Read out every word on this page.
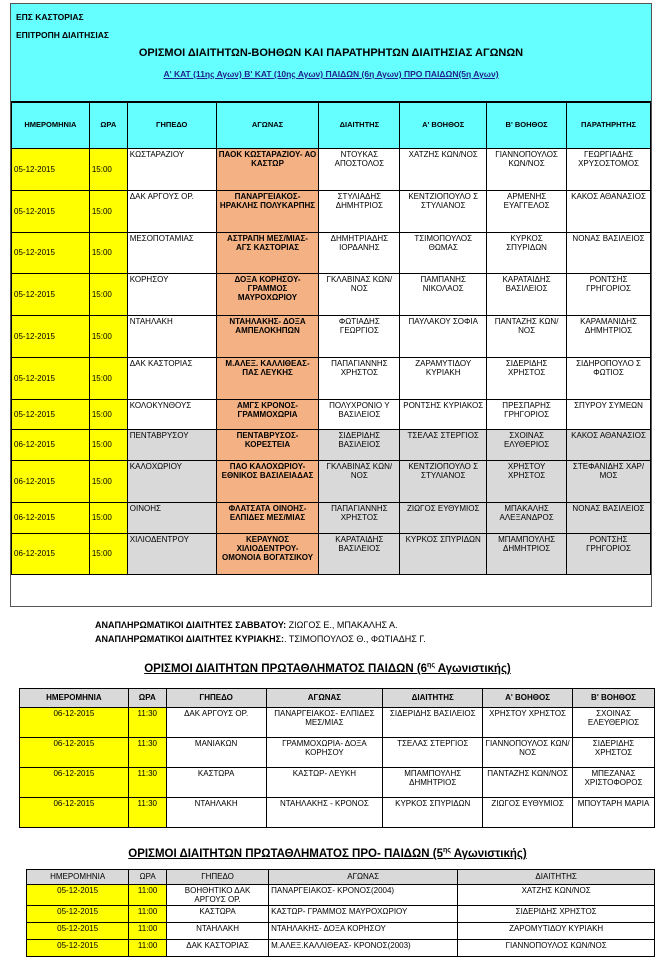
ΕΠΣ ΚΑΣΤΟΡΙΑΣ
ΕΠΙΤΡΟΠΗ ΔΙΑΙΤΗΣΙΑΣ
ΟΡΙΣΜΟΙ ΔΙΑΙΤΗΤΩΝ-ΒΟΗΘΩΝ ΚΑΙ ΠΑΡΑΤΗΡΗΤΩΝ ΔΙΑΙΤΗΣΙΑΣ ΑΓΩΝΩΝ
Α' ΚΑΤ (11ης Αγων) Β' ΚΑΤ (10ης Αγων) ΠΑΙΔΩΝ (6η Αγων) ΠΡΟ ΠΑΙΔΩΝ(5η Αγων)
ΗΜΕΡΟΜΗΝΙΑ	ΩΡΑ	ΓΗΠΕΔΟ	ΑΓΩΝΑΣ	ΔΙΑΙΤΗΤΗΣ	Α' ΒΟΗΘΟΣ	Β' ΒΟΗΘΟΣ	ΠΑΡΑΤΗΡΗΤΗΣ
05-12-2015	15:00	ΚΩΣΤΑΡΑΖΙΟΥ	ΠΑΟΚ ΚΩΣΤΑΡΑΖΙΟΥ- ΑΟ ΚΑΣΤΩΡ	ΝΤΟΥΚΑΣ ΑΠΟΣΤΟΛΟΣ	ΧΑΤΖΗΣ ΚΩΝ/ΝΟΣ	ΓΙΑΝΝΟΠΟΥΛΟΣ ΚΩΝ/ΝΟΣ	ΓΕΩΡΓΙΑΔΗΣ ΧΡΥΣΟΣΤΟΜΟΣ
05-12-2015	15:00	ΔΑΚ ΑΡΓΟΥΣ ΟΡ.	ΠΑΝΑΡΓΕΙΑΚΟΣ- ΗΡΑΚΛΗΣ ΠΟΛΥΚΑΡΠΗΣ	ΣΤΥΛΙΑΔΗΣ ΔΗΜΗΤΡΙΟΣ	ΚΕΝΤΖΙΟΠΟΥΛΟ Σ ΣΤΥΛΙΑΝΟΣ	ΑΡΜΕΝΗΣ ΕΥΑΓΓΕΛΟΣ	ΚΑΚΟΣ ΑΘΑΝΑΣΙΟΣ
05-12-2015	15:00	ΜΕΣΟΠΟΤΑΜΙΑΣ	ΑΣΤΡΑΠΗ ΜΕΣ/ΜΙΑΣ- ΑΓΣ ΚΑΣΤΟΡΙΑΣ	ΔΗΜΗΤΡΙΑΔΗΣ ΙΟΡΔΑΝΗΣ	ΤΣΙΜΟΠΟΥΛΟΣ ΘΩΜΑΣ	ΚΥΡΚΟΣ ΣΠΥΡΙΔΩΝ	ΝΟΝΑΣ ΒΑΣΙΛΕΙΟΣ
05-12-2015	15:00	ΚΟΡΗΣΟΥ	ΔΟΞΑ ΚΟΡΗΣΟΥ- ΓΡΑΜΜΟΣ ΜΑΥΡΟΧΩΡΙΟΥ	ΓΚΛΑΒΙΝΑΣ ΚΩΝ/ΝΟΣ	ΠΑΜΠΑΝΗΣ ΝΙΚΟΛΑΟΣ	ΚΑΡΑΤΑΙΔΗΣ ΒΑΣΙΛΕΙΟΣ	ΡΟΝΤΣΗΣ ΓΡΗΓΟΡΙΟΣ
05-12-2015	15:00	ΝΤΑΗΛΑΚΗ	ΝΤΑΗΛΑΚΗΣ- ΔΟΞΑ ΑΜΠΕΛΟΚΗΠΩΝ	ΦΩΤΙΑΔΗΣ ΓΕΩΡΓΙΟΣ	ΠΑΥΛΑΚΟΥ ΣΟΦΙΑ	ΠΑΝΤΑΖΗΣ ΚΩΝ/ΝΟΣ	ΚΑΡΑΜΑΝΙΔΗΣ ΔΗΜΗΤΡΙΟΣ
05-12-2015	15:00	ΔΑΚ ΚΑΣΤΟΡΙΑΣ	Μ.ΑΛΕΞ. ΚΑΛΛΙΘΕΑΣ- ΠΑΣ ΛΕΥΚΗΣ	ΠΑΠΑΓΙΑΝΝΗΣ ΧΡΗΣΤΟΣ	ΖΑΡΑΜΥΤΙΔΟΥ ΚΥΡΙΑΚΗ	ΣΙΔΕΡΙΔΗΣ ΧΡΗΣΤΟΣ	ΣΙΔΗΡΟΠΟΥΛΟ Σ ΦΩΤΙΟΣ
05-12-2015	15:00	ΚΟΛΟΚΥΝΘΟΥΣ	ΑΜΓΣ ΚΡΟΝΟΣ- ΓΡΑΜΜΟΧΩΡΙΑ	ΠΟΛΥΧΡΟΝΙΟ Υ ΒΑΣΙΛΕΙΟΣ	ΡΟΝΤΣΗΣ ΚΥΡΙΑΚΟΣ	ΠΡΕΣΠΑΡΗΣ ΓΡΗΓΟΡΙΟΣ	ΣΠΥΡΟΥ ΣΥΜΕΩΝ
06-12-2015	15:00	ΠΕΝΤΑΒΡΥΣΟΥ	ΠΕΝΤΑΒΡΥΣΟΣ- ΚΟΡΕΣΤΕΙΑ	ΣΙΔΕΡΙΔΗΣ ΒΑΣΙΛΕΙΟΣ	ΤΣΕΛΑΣ ΣΤΕΡΓΙΟΣ	ΣΧΟΙΝΑΣ ΕΛΥΘΕΡΙΟΣ	ΚΑΚΟΣ ΑΘΑΝΑΣΙΟΣ
06-12-2015	15:00	ΚΑΛΟΧΩΡΙΟΥ	ΠΑΟ ΚΑΛΟΧΩΡΙΟΥ- ΕΘΝΙΚΟΣ ΒΑΣΙΛΕΙΑΔΑΣ	ΓΚΛΑΒΙΝΑΣ ΚΩΝ/ΝΟΣ	ΚΕΝΤΖΙΟΠΟΥΛΟ Σ ΣΤΥΛΙΑΝΟΣ	ΧΡΗΣΤΟΥ ΧΡΗΣΤΟΣ	ΣΤΕΦΑΝΙΔΗΣ ΧΑΡ/ΜΟΣ
06-12-2015	15:00	ΟΙΝΟΗΣ	ΦΛΑΤΣΑΤΑ ΟΙΝΟΗΣ- ΕΛΠΙΔΕΣ ΜΕΣ/ΜΙΑΣ	ΠΑΠΑΓΙΑΝΝΗΣ ΧΡΗΣΤΟΣ	ΖΙΩΓΟΣ ΕΥΘΥΜΙΟΣ	ΜΠΑΚΑΛΗΣ ΑΛΕΞΑΝΔΡΟΣ	ΝΟΝΑΣ ΒΑΣΙΛΕΙΟΣ
06-12-2015	15:00	ΧΙΛΙΟΔΕΝΤΡΟΥ	ΚΕΡΑΥΝΟΣ ΧΙΛΙΟΔΕΝΤΡΟΥ- ΟΜΟΝΟΙΑ ΒΟΓΑΤΣΙΚΟΥ	ΚΑΡΑΤΑΙΔΗΣ ΒΑΣΙΛΕΙΟΣ	ΚΥΡΚΟΣ ΣΠΥΡΙΔΩΝ	ΜΠΑΜΠΟΥΛΗΣ ΔΗΜΗΤΡΙΟΣ	ΡΟΝΤΣΗΣ ΓΡΗΓΟΡΙΟΣ

ΑΝΑΠΛΗΡΩΜΑΤΙΚΟΙ ΔΙΑΙΤΗΤΕΣ ΣΑΒΒΑΤΟΥ: ΖΙΩΓΟΣ Ε., ΜΠΑΚΑΛΗΣ Α.
ΑΝΑΠΛΗΡΩΜΑΤΙΚΟΙ ΔΙΑΙΤΗΤΕΣ ΚΥΡΙΑΚΗΣ:. ΤΣΙΜΟΠΟΥΛΟΣ Θ., ΦΩΤΙΑΔΗΣ Γ.
ΟΡΙΣΜΟΙ ΔΙΑΙΤΗΤΩΝ ΠΡΩΤΑΘΛΗΜΑΤΟΣ ΠΑΙΔΩΝ ($6^{\eta\varsigma}$ Αγωνιστικής)
ΗΜΕΡΟΜΗΝΙΑ	ΩΡΑ	ΓΗΠΕΔΟ	ΑΓΩΝΑΣ	ΔΙΑΙΤΗΤΗΣ	Α' ΒΟΗΘΟΣ	Β' ΒΟΗΘΟΣ
06-12-2015	11:30	ΔΑΚ ΑΡΓΟΥΣ ΟΡ.	ΠΑΝΑΡΓΕΙΑΚΟΣ- ΕΛΠΙΔΕΣ ΜΕΣ/ΜΙΑΣ	ΣΙΔΕΡΙΔΗΣ ΒΑΣΙΛΕΙΟΣ	ΧΡΗΣΤΟΥ ΧΡΗΣΤΟΣ	ΣΧΟΙΝΑΣ ΕΛΕΥΘΕΡΙΟΣ
06-12-2015	11:30	ΜΑΝΙΑΚΩΝ	ΓΡΑΜΜΟΧΩΡΙΑ- ΔΟΞΑ ΚΟΡΗΣΟΥ	ΤΣΕΛΑΣ ΣΤΕΡΓΙΟΣ	ΓΙΑΝΝΟΠΟΥΛΟΣ ΚΩΝ/ΝΟΣ	ΣΙΔΕΡΙΔΗΣ ΧΡΗΣΤΟΣ
06-12-2015	11:30	ΚΑΣΤΩΡΑ	ΚΑΣΤΩΡ- ΛΕΥΚΗ	ΜΠΑΜΠΟΥΛΗΣ ΔΗΜΗΤΡΙΟΣ	ΠΑΝΤΑΖΗΣ ΚΩΝ/ΝΟΣ	ΜΠΕΖΑΝΑΣ ΧΡΙΣΤΟΦΟΡΟΣ
06-12-2015	11:30	ΝΤΑΗΛΑΚΗ	ΝΤΑΗΛΑΚΗΣ - ΚΡΟΝΟΣ	ΚΥΡΚΟΣ ΣΠΥΡΙΔΩΝ	ΖΙΩΓΟΣ ΕΥΘΥΜΙΟΣ	ΜΠΟΥΤΑΡΗ ΜΑΡΙΑ
ΟΡΙΣΜΟΙ ΔΙΑΙΤΗΤΩΝ ΠΡΩΤΑΘΛΗΜΑΤΟΣ ΠΡΟ- ΠΑΙΔΩΝ ($5^{\eta\varsigma}$ Αγωνιστικής)
ΗΜΕΡΟΜΗΝΙΑ	ΩΡΑ	ΓΗΠΕΔΟ	ΑΓΩΝΑΣ	ΔΙΑΙΤΗΤΗΣ
05-12-2015	11:00	ΒΟΗΘΗΤΙΚΟ ΔΑΚ ΑΡΓΟΥΣ ΟΡ.	ΠΑΝΑΡΓΕΙΑΚΟΣ- ΚΡΟΝΟΣ(2004)	ΧΑΤΖΗΣ ΚΩΝ/ΝΟΣ
05-12-2015	11:00	ΚΑΣΤΩΡΑ	ΚΑΣΤΩΡ- ΓΡΑΜΜΟΣ ΜΑΥΡΟΧΩΡΙΟΥ	ΣΙΔΕΡΙΔΗΣ ΧΡΗΣΤΟΣ
05-12-2015	11:00	ΝΤΑΗΛΑΚΗ	ΝΤΑΗΛΑΚΗΣ- ΔΟΞΑ ΚΟΡΗΣΟΥ	ΖΑΡΟΜΥΤΙΔΟΥ ΚΥΡΙΑΚΗ
05-12-2015	11:00	ΔΑΚ ΚΑΣΤΟΡΙΑΣ	Μ.ΑΛΕΞ.ΚΑΛΛΙΘΕΑΣ- ΚΡΟΝΟΣ(2003)	ΓΙΑΝΝΟΠΟΥΛΟΣ ΚΩΝ/ΝΟΣ
